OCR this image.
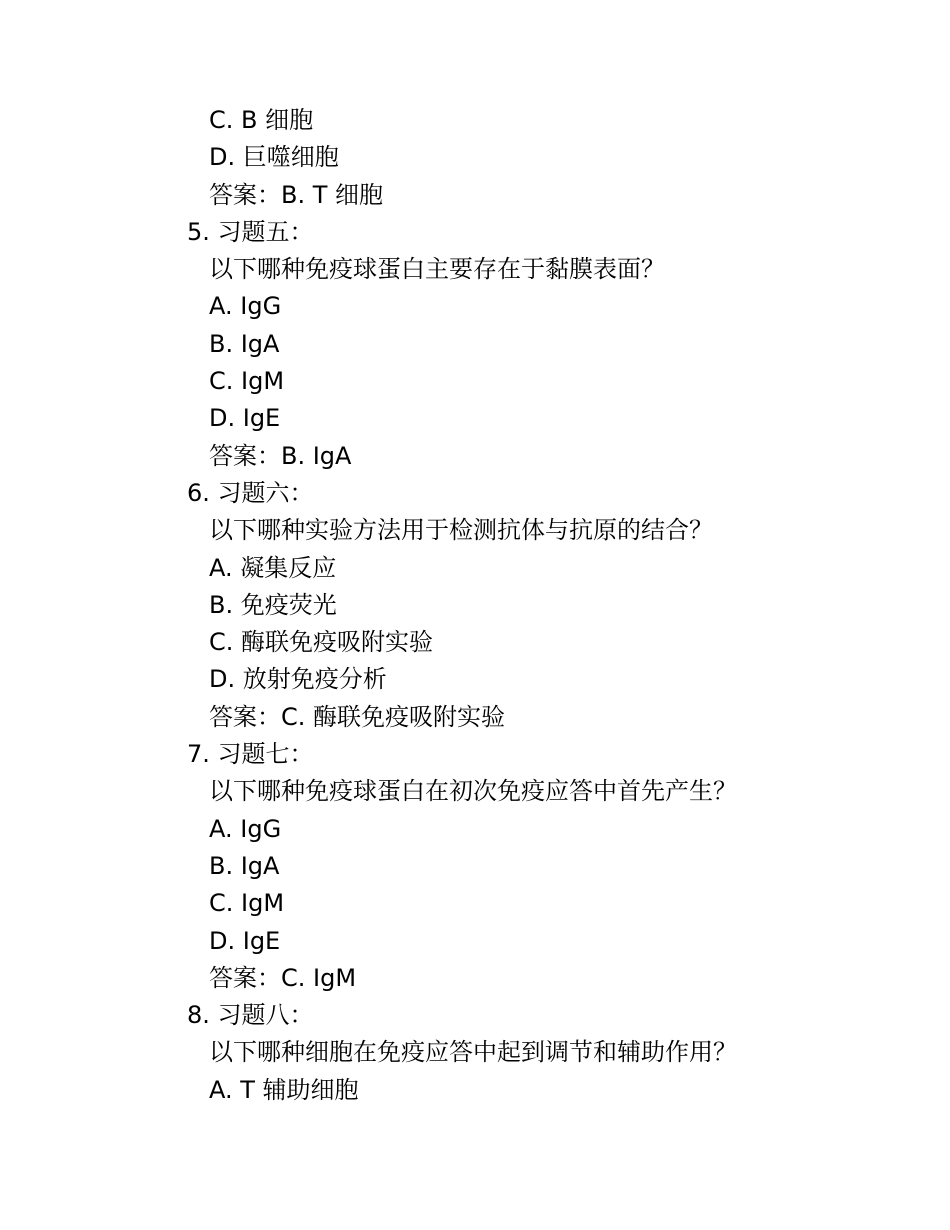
C. B 细胞
D. 巨噬细胞
答案：B. T 细胞
5. 习题五：
以下哪种免疫球蛋白主要存在于黏膜表面？
A. IgG
B. IgA
C. IgM
D. IgE
答案：B. IgA
6. 习题六：
以下哪种实验方法用于检测抗体与抗原的结合？
A. 凝集反应
B. 免疫荧光
C. 酶联免疫吸附实验
D. 放射免疫分析
答案：C. 酶联免疫吸附实验
7. 习题七：
以下哪种免疫球蛋白在初次免疫应答中首先产生？
A. IgG
B. IgA
C. IgM
D. IgE
答案：C. IgM
8. 习题八：
以下哪种细胞在免疫应答中起到调节和辅助作用？
A. T 辅助细胞
